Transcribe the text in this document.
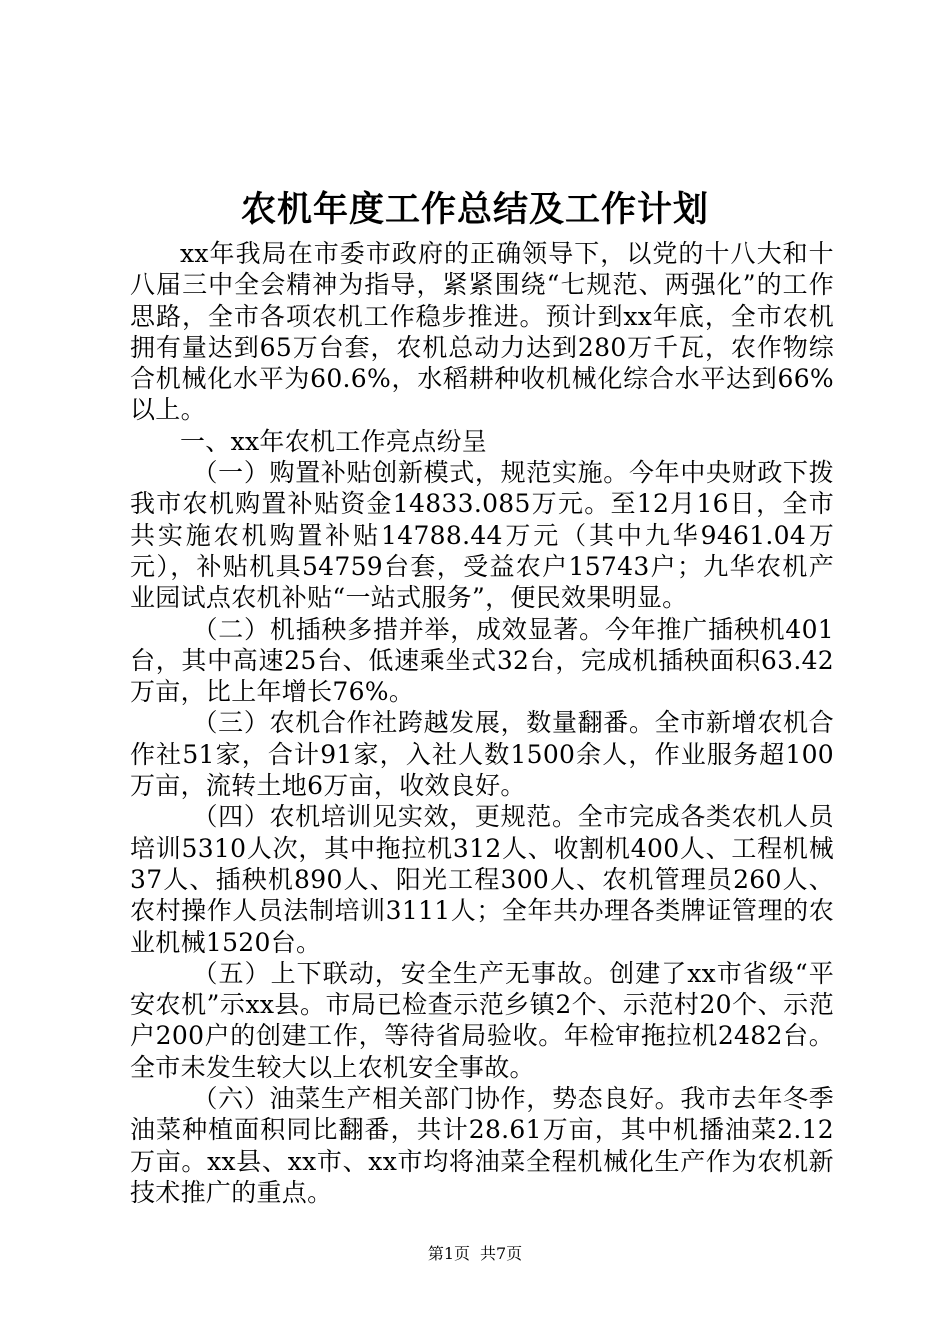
农机年度工作总结及工作计划

xx年我局在市委市政府的正确领导下，以党的十八大和十八届三中全会精神为指导，紧紧围绕“七规范、两强化”的工作思路，全市各项农机工作稳步推进。预计到xx年底，全市农机拥有量达到65万台套，农机总动力达到280万千瓦，农作物综合机械化水平为60.6%，水稻耕种收机械化综合水平达到66%以上。

一、xx年农机工作亮点纷呈

（一）购置补贴创新模式，规范实施。今年中央财政下拨我市农机购置补贴资金14833.085万元。至12月16日，全市共实施农机购置补贴14788.44万元（其中九华9461.04万元），补贴机具54759台套，受益农户15743户；九华农机产业园试点农机补贴“一站式服务”，便民效果明显。

（二）机插秧多措并举，成效显著。今年推广插秧机401台，其中高速25台、低速乘坐式32台，完成机插秧面积63.42万亩，比上年增长76%。

（三）农机合作社跨越发展，数量翻番。全市新增农机合作社51家，合计91家，入社人数1500余人，作业服务超100万亩，流转土地6万亩，收效良好。

（四）农机培训见实效，更规范。全市完成各类农机人员培训5310人次，其中拖拉机312人、收割机400人、工程机械37人、插秧机890人、阳光工程300人、农机管理员260人、农村操作人员法制培训3111人；全年共办理各类牌证管理的农业机械1520台。

（五）上下联动，安全生产无事故。创建了xx市省级“平安农机”示xx县。市局已检查示范乡镇2个、示范村20个、示范户200户的创建工作，等待省局验收。年检审拖拉机2482台。全市未发生较大以上农机安全事故。

（六）油菜生产相关部门协作，势态良好。我市去年冬季油菜种植面积同比翻番，共计28.61万亩，其中机播油菜2.12万亩。xx县、xx市、xx市均将油菜全程机械化生产作为农机新技术推广的重点。

第1页 共7页
